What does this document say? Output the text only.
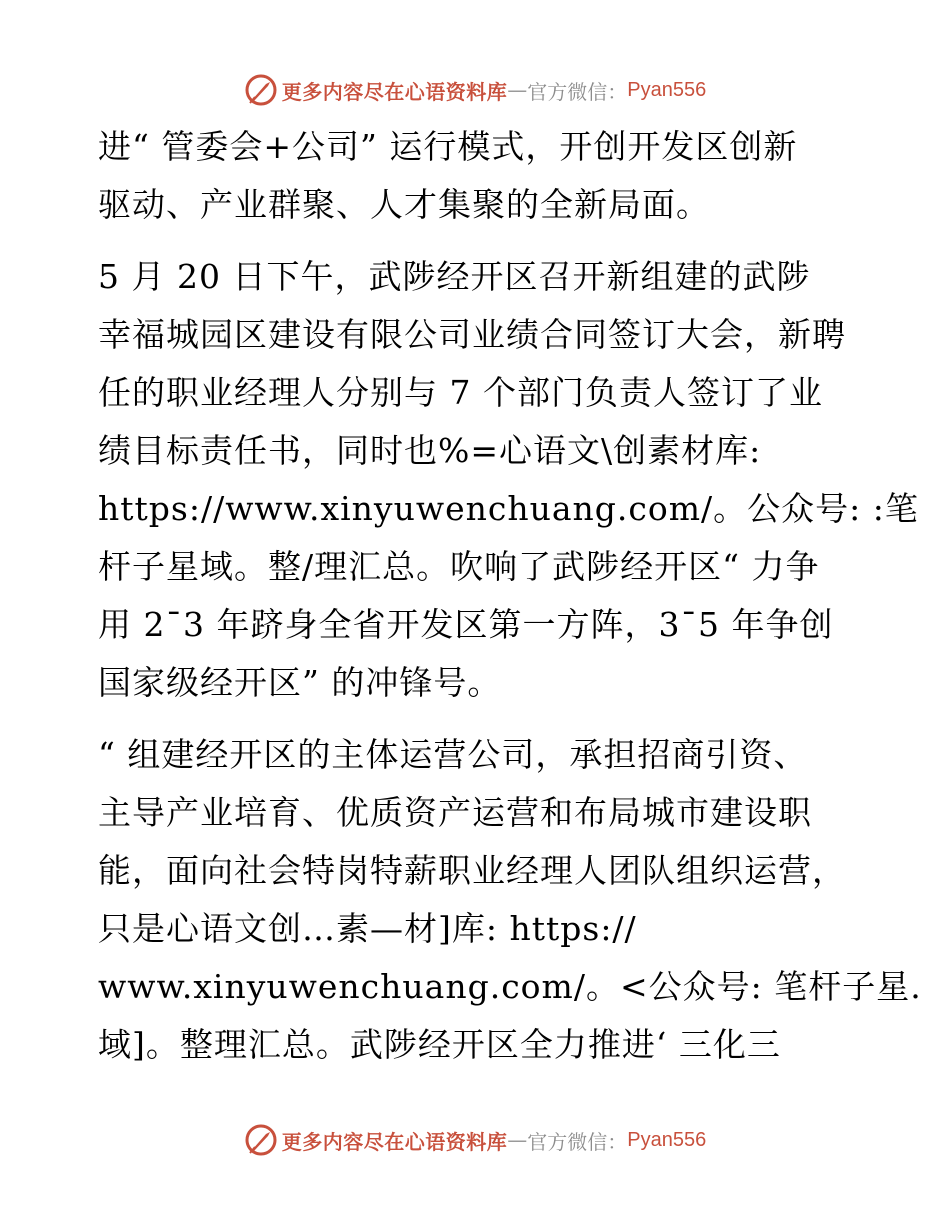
更多内容尽在心语资料库 — 官方微信： Pyan556
进“ 管委会+公司” 运行模式，开创开发区创新
驱动、产业群聚、人才集聚的全新局面。
5 月 20 日下午，武陟经开区召开新组建的武陟
幸福城园区建设有限公司业绩合同签订大会，新聘
任的职业经理人分别与 7 个部门负责人签订了业
绩目标责任书，同时也%=心语文\创素材库:
https://www.xinyuwenchuang.com/。公众号: :笔
杆子星域。整/理汇总。吹响了武陟经开区“ 力争
用 2¯3 年跻身全省开发区第一方阵，3¯5 年争创
国家级经开区” 的冲锋号。
“ 组建经开区的主体运营公司，承担招商引资、
主导产业培育、优质资产运营和布局城市建设职
能，面向社会特岗特薪职业经理人团队组织运营，
只是心语文创…素—材]库: https://
www.xinyuwenchuang.com/。<公众号: 笔杆子星.
域]。整理汇总。武陟经开区全力推进‘ 三化三
更多内容尽在心语资料库 — 官方微信： Pyan556
